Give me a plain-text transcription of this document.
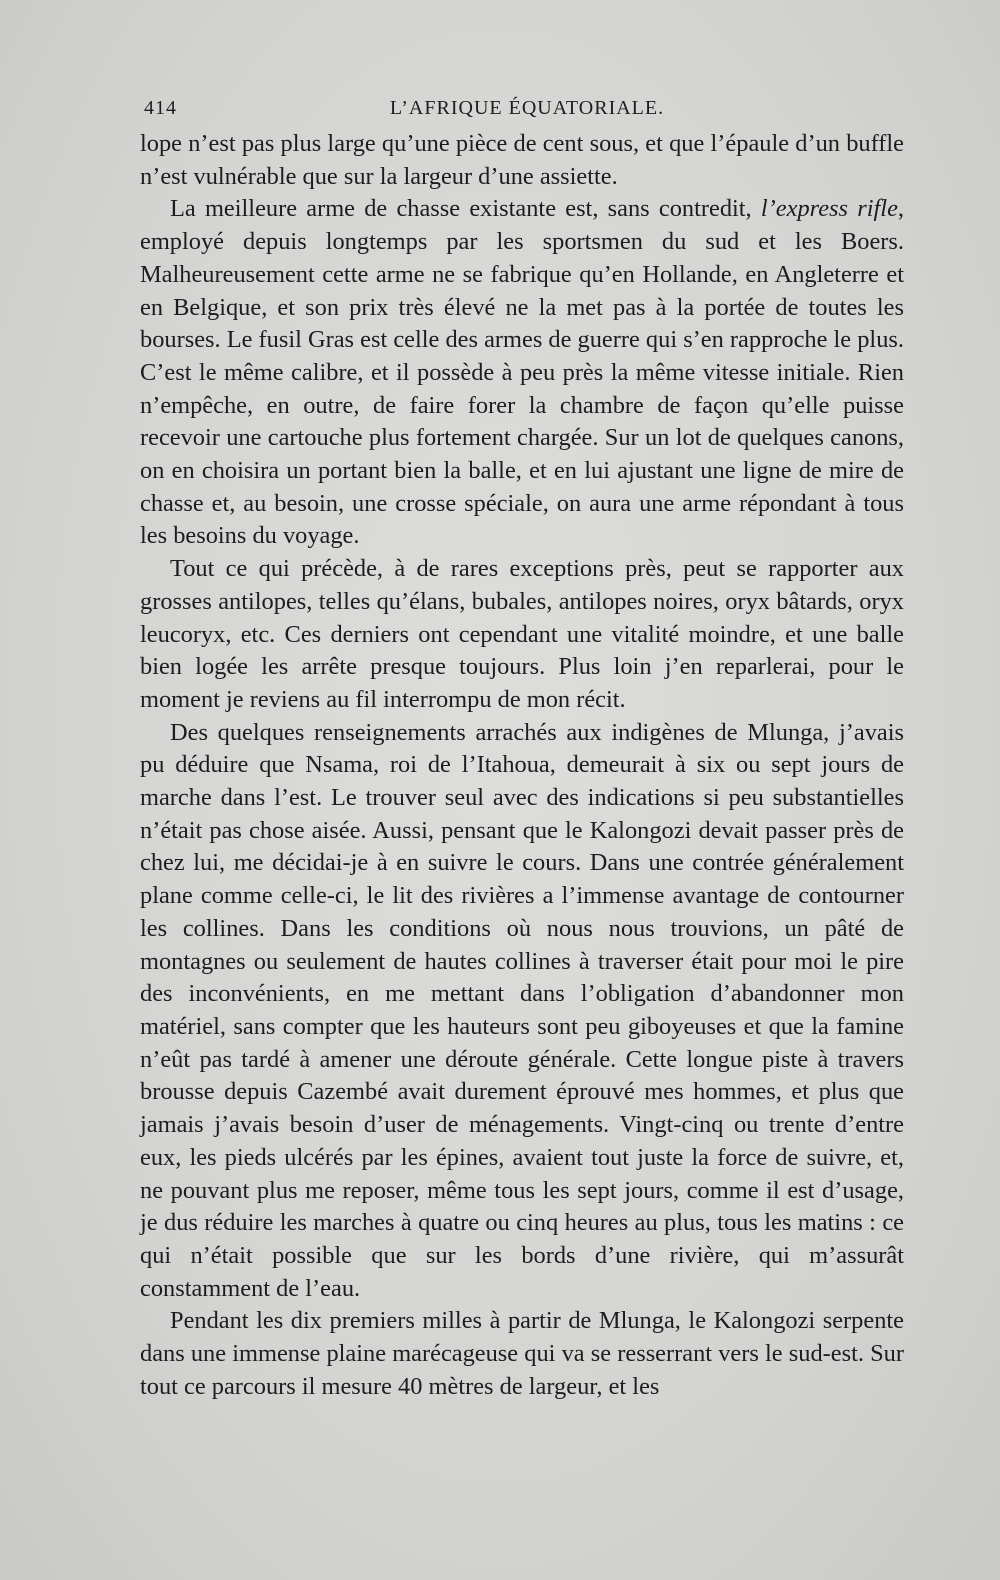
414	L’AFRIQUE ÉQUATORIALE.

lope n’est pas plus large qu’une pièce de cent sous, et que l’épaule d’un buffle n’est vulnérable que sur la largeur d’une assiette.

La meilleure arme de chasse existante est, sans contredit, l’express rifle, employé depuis longtemps par les sportsmen du sud et les Boers. Malheureusement cette arme ne se fabrique qu’en Hollande, en Angleterre et en Belgique, et son prix très élevé ne la met pas à la portée de toutes les bourses. Le fusil Gras est celle des armes de guerre qui s’en rapproche le plus. C’est le même calibre, et il possède à peu près la même vitesse initiale. Rien n’empêche, en outre, de faire forer la chambre de façon qu’elle puisse recevoir une cartouche plus fortement chargée. Sur un lot de quelques canons, on en choisira un portant bien la balle, et en lui ajustant une ligne de mire de chasse et, au besoin, une crosse spéciale, on aura une arme répondant à tous les besoins du voyage.

Tout ce qui précède, à de rares exceptions près, peut se rapporter aux grosses antilopes, telles qu’élans, bubales, antilopes noires, oryx bâtards, oryx leucoryx, etc. Ces derniers ont cependant une vitalité moindre, et une balle bien logée les arrête presque toujours. Plus loin j’en reparlerai, pour le moment je reviens au fil interrompu de mon récit.

Des quelques renseignements arrachés aux indigènes de Mlunga, j’avais pu déduire que Nsama, roi de l’Itahoua, demeurait à six ou sept jours de marche dans l’est. Le trouver seul avec des indications si peu substantielles n’était pas chose aisée. Aussi, pensant que le Kalongozi devait passer près de chez lui, me décidai-je à en suivre le cours. Dans une contrée généralement plane comme celle-ci, le lit des rivières a l’immense avantage de contourner les collines. Dans les conditions où nous nous trouvions, un pâté de montagnes ou seulement de hautes collines à traverser était pour moi le pire des inconvénients, en me mettant dans l’obligation d’abandonner mon matériel, sans compter que les hauteurs sont peu giboyeuses et que la famine n’eût pas tardé à amener une déroute générale. Cette longue piste à travers brousse depuis Cazembé avait durement éprouvé mes hommes, et plus que jamais j’avais besoin d’user de ménagements. Vingt-cinq ou trente d’entre eux, les pieds ulcérés par les épines, avaient tout juste la force de suivre, et, ne pouvant plus me reposer, même tous les sept jours, comme il est d’usage, je dus réduire les marches à quatre ou cinq heures au plus, tous les matins : ce qui n’était possible que sur les bords d’une rivière, qui m’assurât constamment de l’eau.

Pendant les dix premiers milles à partir de Mlunga, le Kalongozi serpente dans une immense plaine marécageuse qui va se resserrant vers le sud-est. Sur tout ce parcours il mesure 40 mètres de largeur, et les
